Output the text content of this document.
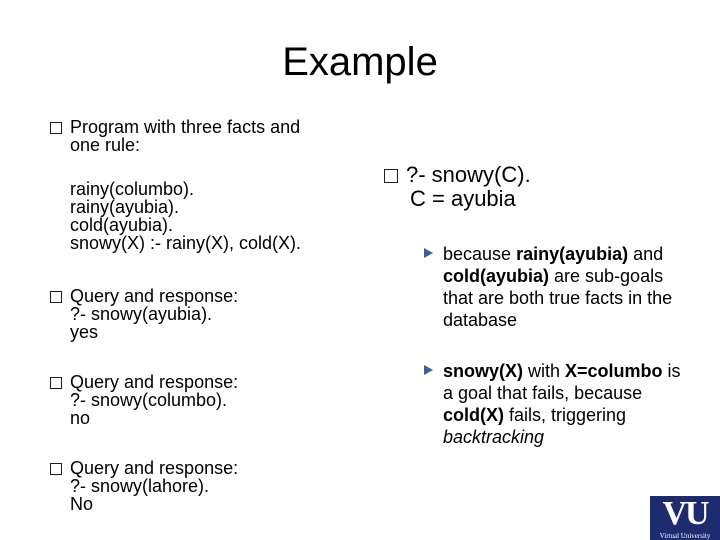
Example
Program with three facts and
one rule:
rainy(columbo).
rainy(ayubia).
cold(ayubia).
snowy(X) :- rainy(X), cold(X).
Query and response:
?- snowy(ayubia).
yes
Query and response:
?- snowy(columbo).
no
Query and response:
?- snowy(lahore).
No
?- snowy(C).
C = ayubia
because rainy(ayubia) and cold(ayubia) are sub-goals that are both true facts in the database
snowy(X) with X=columbo is a goal that fails, because cold(X) fails, triggering backtracking
VU
Virtual University
